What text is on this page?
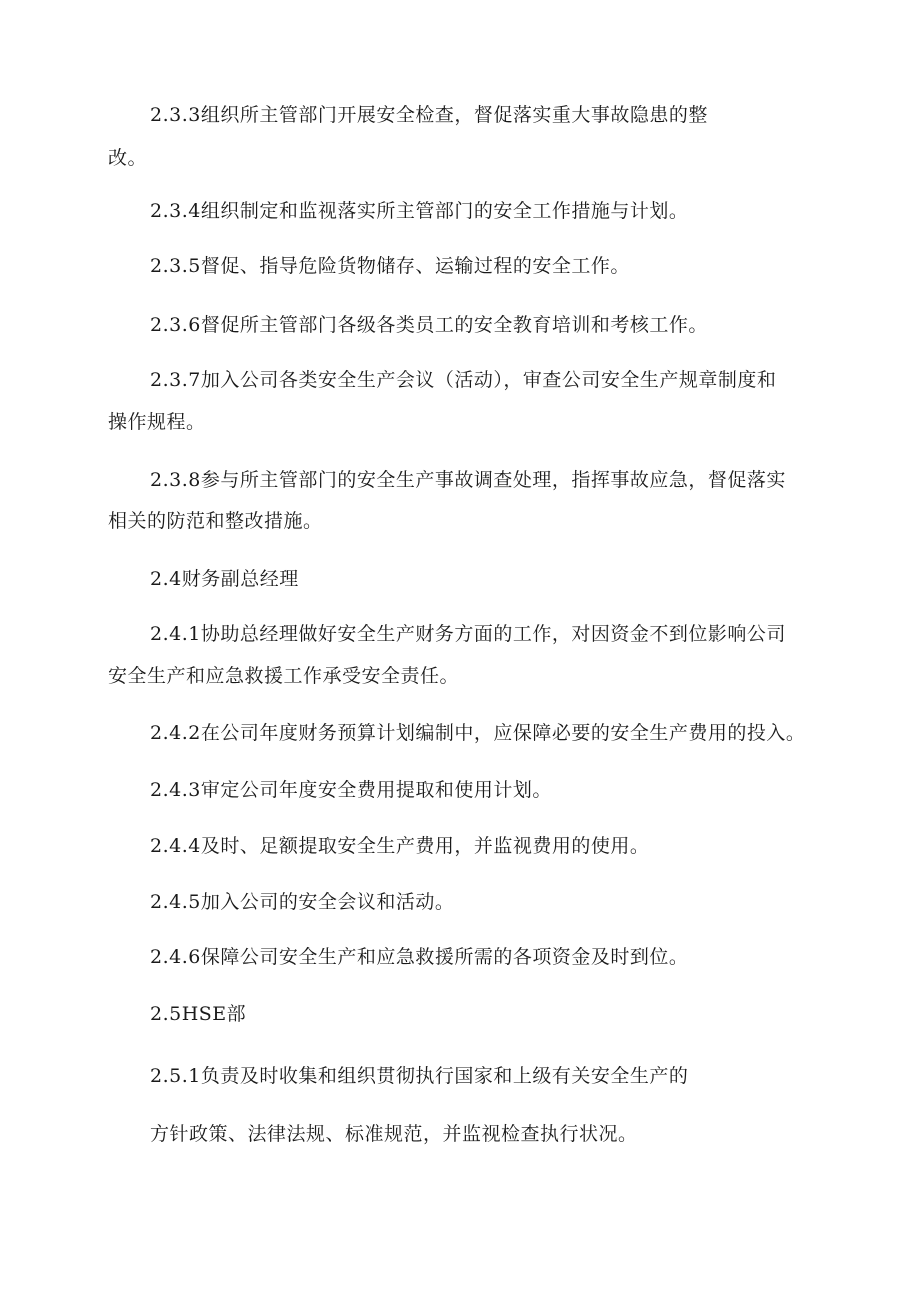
2.3.3组织所主管部门开展安全检查，督促落实重大事故隐患的整
改。
2.3.4组织制定和监视落实所主管部门的安全工作措施与计划。
2.3.5督促、指导危险货物储存、运输过程的安全工作。
2.3.6督促所主管部门各级各类员工的安全教育培训和考核工作。
2.3.7加入公司各类安全生产会议（活动），审查公司安全生产规章制度和
操作规程。
2.3.8参与所主管部门的安全生产事故调查处理，指挥事故应急，督促落实
相关的防范和整改措施。
2.4财务副总经理
2.4.1协助总经理做好安全生产财务方面的工作，对因资金不到位影响公司
安全生产和应急救援工作承受安全责任。
2.4.2在公司年度财务预算计划编制中，应保障必要的安全生产费用的投入。
2.4.3审定公司年度安全费用提取和使用计划。
2.4.4及时、足额提取安全生产费用，并监视费用的使用。
2.4.5加入公司的安全会议和活动。
2.4.6保障公司安全生产和应急救援所需的各项资金及时到位。
2.5HSE部
2.5.1负责及时收集和组织贯彻执行国家和上级有关安全生产的
方针政策、法律法规、标准规范，并监视检查执行状况。
